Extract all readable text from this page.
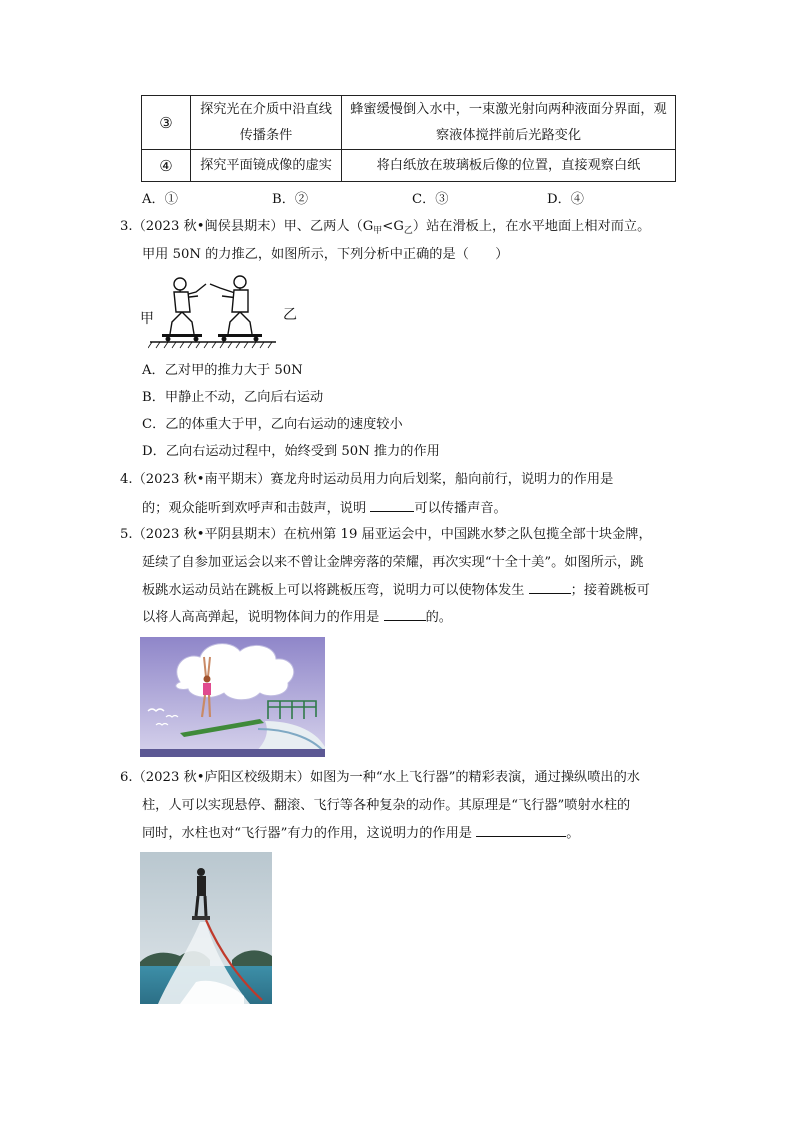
③	探究光在介质中沿直线传播条件	蜂蜜缓慢倒入水中，一束激光射向两种液面分界面，观察液体搅拌前后光路变化
④	探究平面镜成像的虚实	将白纸放在玻璃板后像的位置，直接观察白纸
A．①	B．②	C．③	D．④
3.（2023 秋•闽侯县期末）甲、乙两人$(G_甲<G_乙)$站在滑板上，在水平地面上相对而立。
甲用 50N 的力推乙，如图所示，下列分析中正确的是（　　）
甲	乙
A．乙对甲的推力大于 50N
B．甲静止不动，乙向后右运动
C．乙的体重大于甲，乙向右运动的速度较小
D．乙向右运动过程中，始终受到 50N 推力的作用
4.（2023 秋•南平期末）赛龙舟时运动员用力向后划桨，船向前行，说明力的作用是
的；观众能听到欢呼声和击鼓声，说明	可以传播声音。
5.（2023 秋•平阴县期末）在杭州第 19 届亚运会中，中国跳水梦之队包揽全部十块金牌，
延续了自参加亚运会以来不曾让金牌旁落的荣耀，再次实现“十全十美”。如图所示，跳
板跳水运动员站在跳板上可以将跳板压弯，说明力可以使物体发生	；接着跳板可
以将人高高弹起，说明物体间力的作用是	的。
6.（2023 秋•庐阳区校级期末）如图为一种“水上飞行器”的精彩表演，通过操纵喷出的水
柱，人可以实现悬停、翻滚、飞行等各种复杂的动作。其原理是“飞行器”喷射水柱的
同时，水柱也对“飞行器”有力的作用，这说明力的作用是	。
